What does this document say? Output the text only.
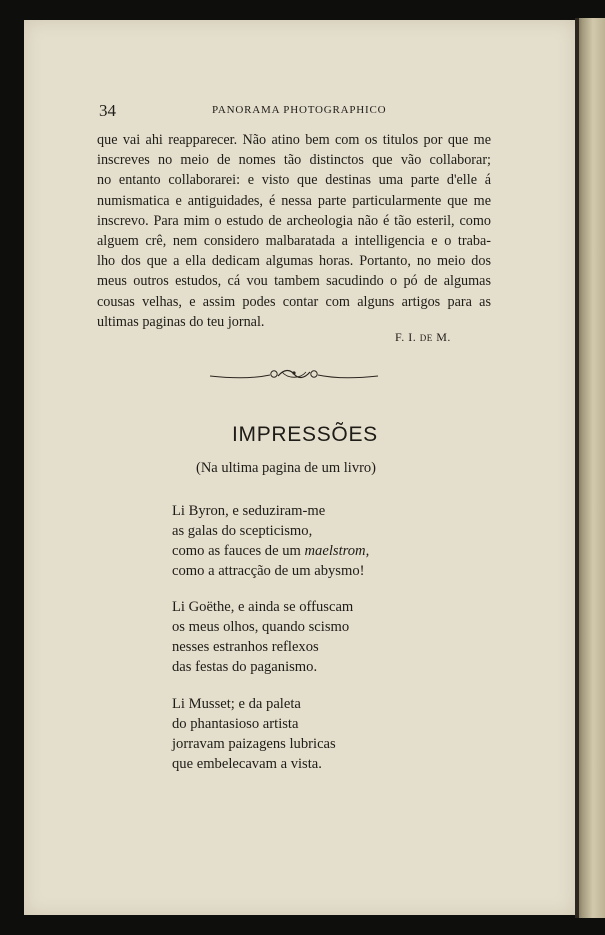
34	PANORAMA PHOTOGRAPHICO

que vai ahi reapparecer. Não atino bem com os titulos por que me
inscreves no meio de nomes tão distinctos que vão collaborar;
no entanto collaborarei: e visto que destinas uma parte d'elle á
numismatica e antiguidades, é nessa parte particularmente que me
inscrevo. Para mim o estudo de archeologia não é tão esteril, como
alguem crê, nem considero malbaratada a intelligencia e o traba-
lho dos que a ella dedicam algumas horas. Portanto, no meio dos
meus outros estudos, cá vou tambem sacudindo o pó de algumas
cousas velhas, e assim podes contar com alguns artigos para as
ultimas paginas do teu jornal.

F. I. DE M.
IMPRESSÕES
(Na ultima pagina de um livro)
Li Byron, e seduziram-me
as galas do scepticismo,
como as fauces de um maelstrom,
como a attracção de um abysmo!
Li Goëthe, e ainda se offuscam
os meus olhos, quando scismo
nesses estranhos reflexos
das festas do paganismo.
Li Musset; e da paleta
do phantasioso artista
jorravam paizagens lubricas
que embelecavam a vista.
